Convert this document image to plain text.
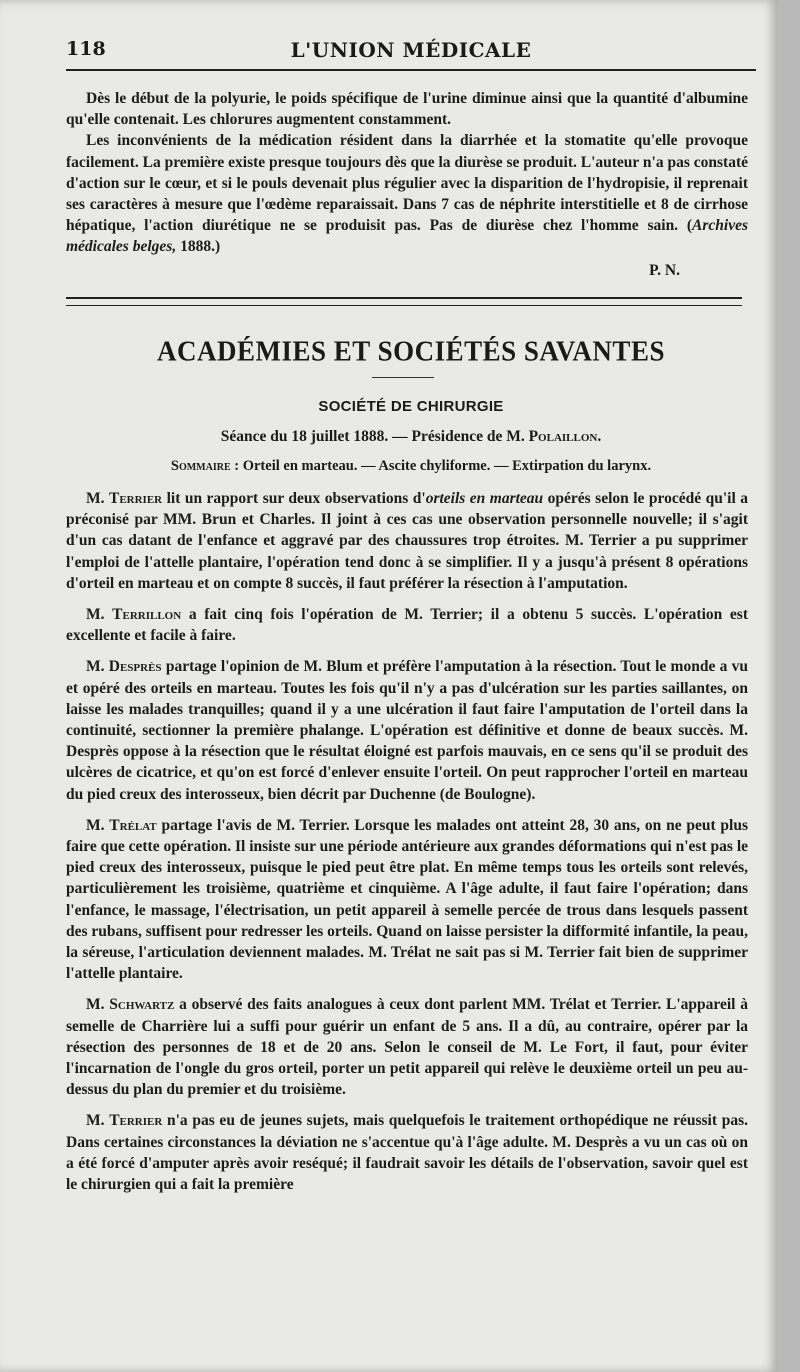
118	L'UNION MÉDICALE

Dès le début de la polyurie, le poids spécifique de l'urine diminue ainsi que la quantité d'albumine qu'elle contenait. Les chlorures augmentent constamment.

Les inconvénients de la médication résident dans la diarrhée et la stomatite qu'elle provoque facilement. La première existe presque toujours dès que la diurèse se produit. L'auteur n'a pas constaté d'action sur le cœur, et si le pouls devenait plus régulier avec la disparition de l'hydropisie, il reprenait ses caractères à mesure que l'œdème reparaissait. Dans 7 cas de néphrite interstitielle et 8 de cirrhose hépatique, l'action diurétique ne se produisit pas. Pas de diurèse chez l'homme sain. (Archives médicales belges, 1888.)

P. N.
ACADÉMIES ET SOCIÉTÉS SAVANTES
SOCIÉTÉ DE CHIRURGIE
Séance du 18 juillet 1888. — Présidence de M. Polaillon.
Sommaire : Orteil en marteau. — Ascite chyliforme. — Extirpation du larynx.

M. Terrier lit un rapport sur deux observations d'orteils en marteau opérés selon le procédé qu'il a préconisé par MM. Brun et Charles. Il joint à ces cas une observation personnelle nouvelle; il s'agit d'un cas datant de l'enfance et aggravé par des chaussures trop étroites. M. Terrier a pu supprimer l'emploi de l'attelle plantaire, l'opération tend donc à se simplifier. Il y a jusqu'à présent 8 opérations d'orteil en marteau et on compte 8 succès, il faut préférer la résection à l'amputation.

M. Terrillon a fait cinq fois l'opération de M. Terrier; il a obtenu 5 succès. L'opération est excellente et facile à faire.

M. Desprès partage l'opinion de M. Blum et préfère l'amputation à la résection. Tout le monde a vu et opéré des orteils en marteau. Toutes les fois qu'il n'y a pas d'ulcération sur les parties saillantes, on laisse les malades tranquilles; quand il y a une ulcération il faut faire l'amputation de l'orteil dans la continuité, sectionner la première phalange. L'opération est définitive et donne de beaux succès. M. Desprès oppose à la résection que le résultat éloigné est parfois mauvais, en ce sens qu'il se produit des ulcères de cicatrice, et qu'on est forcé d'enlever ensuite l'orteil. On peut rapprocher l'orteil en marteau du pied creux des interosseux, bien décrit par Duchenne (de Boulogne).

M. Trélat partage l'avis de M. Terrier. Lorsque les malades ont atteint 28, 30 ans, on ne peut plus faire que cette opération. Il insiste sur une période antérieure aux grandes déformations qui n'est pas le pied creux des interosseux, puisque le pied peut être plat. En même temps tous les orteils sont relevés, particulièrement les troisième, quatrième et cinquième. A l'âge adulte, il faut faire l'opération; dans l'enfance, le massage, l'électrisation, un petit appareil à semelle percée de trous dans lesquels passent des rubans, suffisent pour redresser les orteils. Quand on laisse persister la difformité infantile, la peau, la séreuse, l'articulation deviennent malades. M. Trélat ne sait pas si M. Terrier fait bien de supprimer l'attelle plantaire.

M. Schwartz a observé des faits analogues à ceux dont parlent MM. Trélat et Terrier. L'appareil à semelle de Charrière lui a suffi pour guérir un enfant de 5 ans. Il a dû, au contraire, opérer par la résection des personnes de 18 et de 20 ans. Selon le conseil de M. Le Fort, il faut, pour éviter l'incarnation de l'ongle du gros orteil, porter un petit appareil qui relève le deuxième orteil un peu au-dessus du plan du premier et du troisième.

M. Terrier n'a pas eu de jeunes sujets, mais quelquefois le traitement orthopédique ne réussit pas. Dans certaines circonstances la déviation ne s'accentue qu'à l'âge adulte. M. Desprès a vu un cas où on a été forcé d'amputer après avoir reséqué; il faudrait savoir les détails de l'observation, savoir quel est le chirurgien qui a fait la première
